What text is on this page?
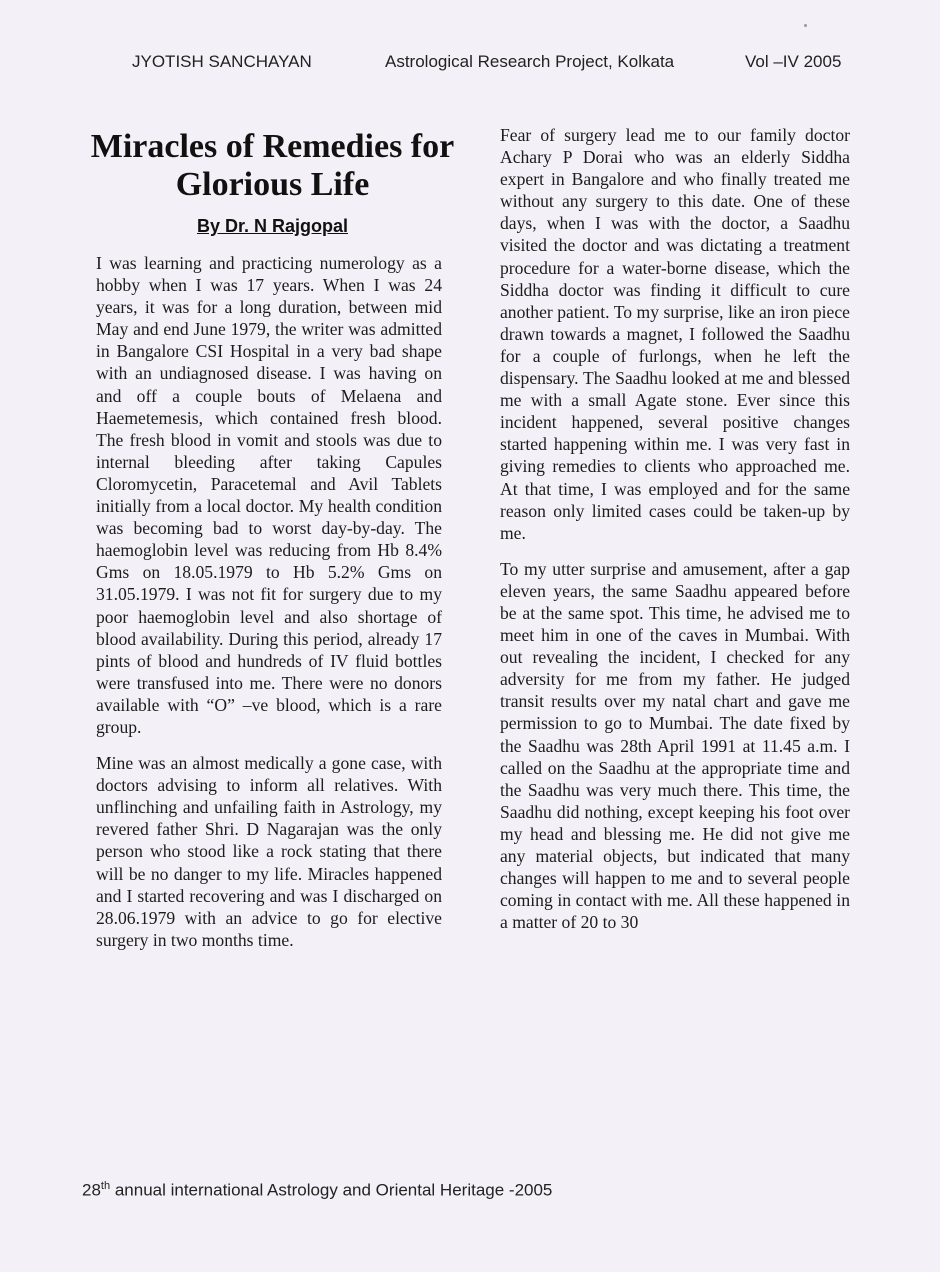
JYOTISH SANCHAYAN	Astrological Research Project, Kolkata	Vol –IV 2005
Miracles of Remedies for Glorious Life
By Dr. N Rajgopal

I was learning and practicing numerology as a hobby when I was 17 years. When I was 24 years, it was for a long duration, between mid May and end June 1979, the writer was admitted in Bangalore CSI Hospital in a very bad shape with an undiagnosed disease. I was having on and off a couple bouts of Melaena and Haemetemesis, which contained fresh blood. The fresh blood in vomit and stools was due to internal bleeding after taking Capules Cloromycetin, Paracetemal and Avil Tablets initially from a local doctor. My health condition was becoming bad to worst day-by-day. The haemoglobin level was reducing from Hb 8.4% Gms on 18.05.1979 to Hb 5.2% Gms on 31.05.1979. I was not fit for surgery due to my poor haemoglobin level and also shortage of blood availability. During this period, already 17 pints of blood and hundreds of IV fluid bottles were transfused into me. There were no donors available with “O” –ve blood, which is a rare group.

Mine was an almost medically a gone case, with doctors advising to inform all relatives. With unflinching and unfailing faith in Astrology, my revered father Shri. D Nagarajan was the only person who stood like a rock stating that there will be no danger to my life. Miracles happened and I started recovering and was I discharged on 28.06.1979 with an advice to go for elective surgery in two months time.

Fear of surgery lead me to our family doctor Achary P Dorai who was an elderly Siddha expert in Bangalore and who finally treated me without any surgery to this date. One of these days, when I was with the doctor, a Saadhu visited the doctor and was dictating a treatment procedure for a water-borne disease, which the Siddha doctor was finding it difficult to cure another patient. To my surprise, like an iron piece drawn towards a magnet, I followed the Saadhu for a couple of furlongs, when he left the dispensary. The Saadhu looked at me and blessed me with a small Agate stone. Ever since this incident happened, several positive changes started happening within me. I was very fast in giving remedies to clients who approached me. At that time, I was employed and for the same reason only limited cases could be taken-up by me.

To my utter surprise and amusement, after a gap eleven years, the same Saadhu appeared before be at the same spot. This time, he advised me to meet him in one of the caves in Mumbai. With out revealing the incident, I checked for any adversity for me from my father. He judged transit results over my natal chart and gave me permission to go to Mumbai. The date fixed by the Saadhu was 28th April 1991 at 11.45 a.m. I called on the Saadhu at the appropriate time and the Saadhu was very much there. This time, the Saadhu did nothing, except keeping his foot over my head and blessing me. He did not give me any material objects, but indicated that many changes will happen to me and to several people coming in contact with me. All these happened in a matter of 20 to 30

28th annual international Astrology and Oriental Heritage -2005
